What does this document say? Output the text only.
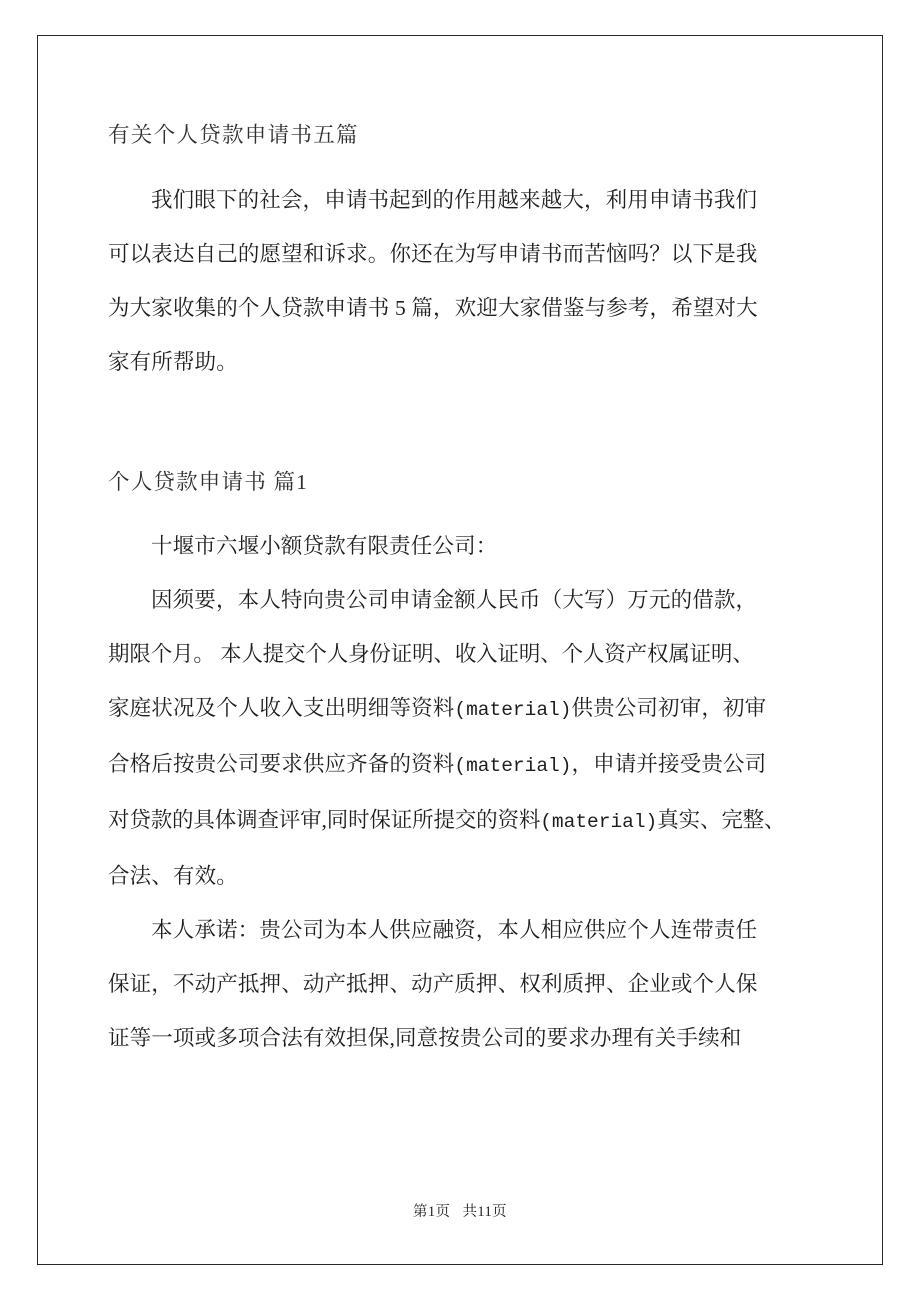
有关个人贷款申请书五篇
我们眼下的社会，申请书起到的作用越来越大，利用申请书我们
可以表达自己的愿望和诉求。你还在为写申请书而苦恼吗？以下是我
为大家收集的个人贷款申请书 5 篇，欢迎大家借鉴与参考，希望对大
家有所帮助。
个人贷款申请书 篇1
十堰市六堰小额贷款有限责任公司：
因须要，本人特向贵公司申请金额人民币（大写）万元的借款，
期限个月。 本人提交个人身份证明、收入证明、个人资产权属证明、
家庭状况及个人收入支出明细等资料(material)供贵公司初审，初审
合格后按贵公司要求供应齐备的资料(material)，申请并接受贵公司
对贷款的具体调查评审,同时保证所提交的资料(material)真实、完整、
合法、有效。
本人承诺：贵公司为本人供应融资，本人相应供应个人连带责任
保证，不动产抵押、动产抵押、动产质押、权利质押、企业或个人保
证等一项或多项合法有效担保,同意按贵公司的要求办理有关手续和
第1页 共11页
